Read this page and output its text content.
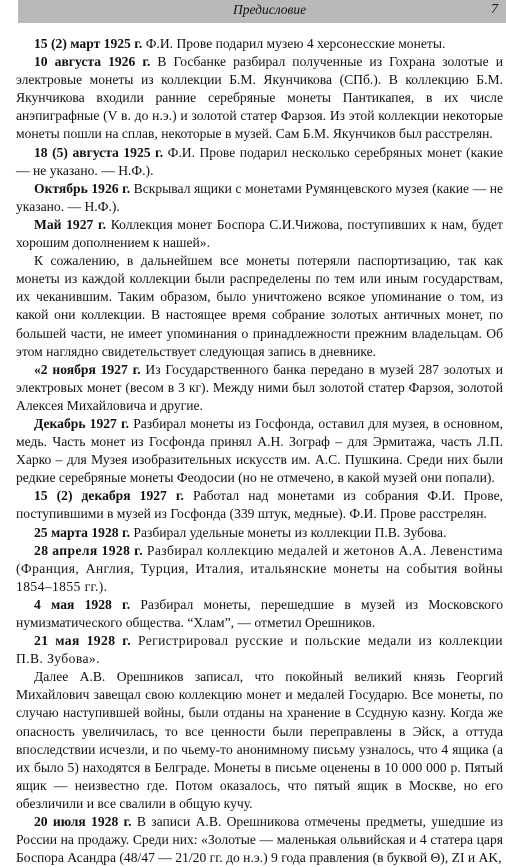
Предисловие	7

15 (2) март 1925 г. Ф.И. Прове подарил музею 4 херсонесские монеты.

10 августа 1926 г. В Госбанке разбирал полученные из Гохрана золотые и электровые монеты из коллекции Б.М. Якунчикова (СПб.). В коллекцию Б.М. Якунчикова входили ранние серебряные монеты Пантикапея, в их числе анэпиграфные (V в. до н.э.) и золотой статер Фарзоя. Из этой коллекции некоторые монеты пошли на сплав, некоторые в музей. Сам Б.М. Якунчиков был расстрелян.

18 (5) августа 1925 г. Ф.И. Прове подарил несколько серебряных монет (какие — не указано. — Н.Ф.).

Октябрь 1926 г. Вскрывал ящики с монетами Румянцевского музея (какие — не указано. — Н.Ф.).

Май 1927 г. Коллекция монет Боспора С.И.Чижова, поступивших к нам, будет хорошим дополнением к нашей».

К сожалению, в дальнейшем все монеты потеряли паспортизацию, так как монеты из каждой коллекции были распределены по тем или иным государствам, их чеканившим. Таким образом, было уничтожено всякое упоминание о том, из какой они коллекции. В настоящее время собрание золотых античных монет, по большей части, не имеет упоминания о принадлежности прежним владельцам. Об этом наглядно свидетельствует следующая запись в дневнике.

«2 ноября 1927 г. Из Государственного банка передано в музей 287 золотых и электровых монет (весом в 3 кг). Между ними был золотой статер Фарзоя, золотой Алексея Михайловича и другие.

Декабрь 1927 г. Разбирал монеты из Госфонда, оставил для музея, в основном, медь. Часть монет из Госфонда принял А.Н. Зограф – для Эрмитажа, часть Л.П. Харко – для Музея изобразительных искусств им. А.С. Пушкина. Среди них были редкие серебряные монеты Феодосии (но не отмечено, в какой музей они попали).

15 (2) декабря 1927 г. Работал над монетами из собрания Ф.И. Прове, поступившими в музей из Госфонда (339 штук, медные). Ф.И. Прове расстрелян.

25 марта 1928 г. Разбирал удельные монеты из коллекции П.В. Зубова.

28 апреля 1928 г. Разбирал коллекцию медалей и жетонов А.А. Левенстима (Франция, Англия, Турция, Италия, итальянские монеты на события войны 1854–1855 гг.).

4 мая 1928 г. Разбирал монеты, перешедшие в музей из Московского нумизматического общества. “Хлам”, — отметил Орешников.

21 мая 1928 г. Регистрировал русские и польские медали из коллекции П.В. Зубова».

Далее А.В. Орешников записал, что покойный великий князь Георгий Михайлович завещал свою коллекцию монет и медалей Государю. Все монеты, по случаю наступившей войны, были отданы на хранение в Ссудную казну. Когда же опасность увеличилась, то все ценности были переправлены в Эйск, а оттуда впоследствии исчезли, и по чьему-то анонимному письму узналось, что 4 ящика (а их было 5) находятся в Белграде. Монеты в письме оценены в 10 000 000 р. Пятый ящик — неизвестно где. Потом оказалось, что пятый ящик в Москве, но его обезличили и все свалили в общую кучу.

20 июля 1928 г. В записи А.В. Орешникова отмечены предметы, ушедшие из России на продажу. Среди них: «Золотые — маленькая ольвийская и 4 статера царя Боспора Асандра (48/47 — 21/20 гг. до н.э.) 9 года правления (в буквой Θ), ZI и AK,
